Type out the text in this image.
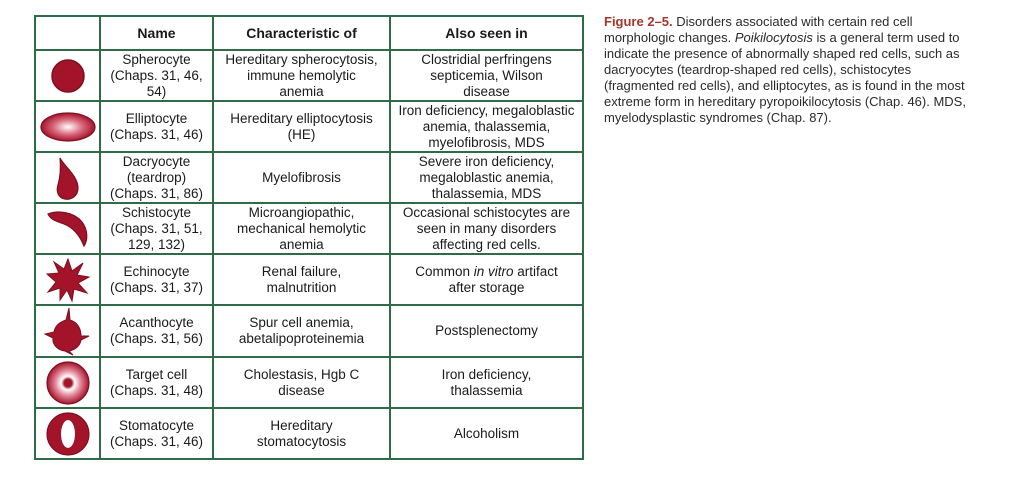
	Name	Characteristic of	Also seen in

	Spherocyte
(Chaps. 31, 46,
54)	Hereditary spherocytosis,
immune hemolytic
anemia	Clostridial perfringens
septicemia, Wilson
disease

	Elliptocyte
(Chaps. 31, 46)	Hereditary elliptocytosis
(HE)	Iron deficiency, megaloblastic
anemia, thalassemia,
myelofibrosis, MDS

	Dacryocyte
(teardrop)
(Chaps. 31, 86)	Myelofibrosis	Severe iron deficiency,
megaloblastic anemia,
thalassemia, MDS

	Schistocyte
(Chaps. 31, 51,
129, 132)	Microangiopathic,
mechanical hemolytic
anemia	Occasional schistocytes are
seen in many disorders
affecting red cells.

	Echinocyte
(Chaps. 31, 37)	Renal failure,
malnutrition	Common in vitro artifact
after storage

	Acanthocyte
(Chaps. 31, 56)	Spur cell anemia,
abetalipoproteinemia	Postsplenectomy

	Target cell
(Chaps. 31, 48)	Cholestasis, Hgb C
disease	Iron deficiency,
thalassemia

	Stomatocyte
(Chaps. 31, 46)	Hereditary
stomatocytosis	Alcoholism
Figure 2–5. Disorders associated with certain red cell morphologic changes. Poikilocytosis is a general term used to indicate the presence of abnormally shaped red cells, such as dacryocytes (teardrop-shaped red cells), schistocytes (fragmented red cells), and elliptocytes, as is found in the most extreme form in hereditary pyropoikilocytosis (Chap. 46). MDS, myelodysplastic syndromes (Chap. 87).
